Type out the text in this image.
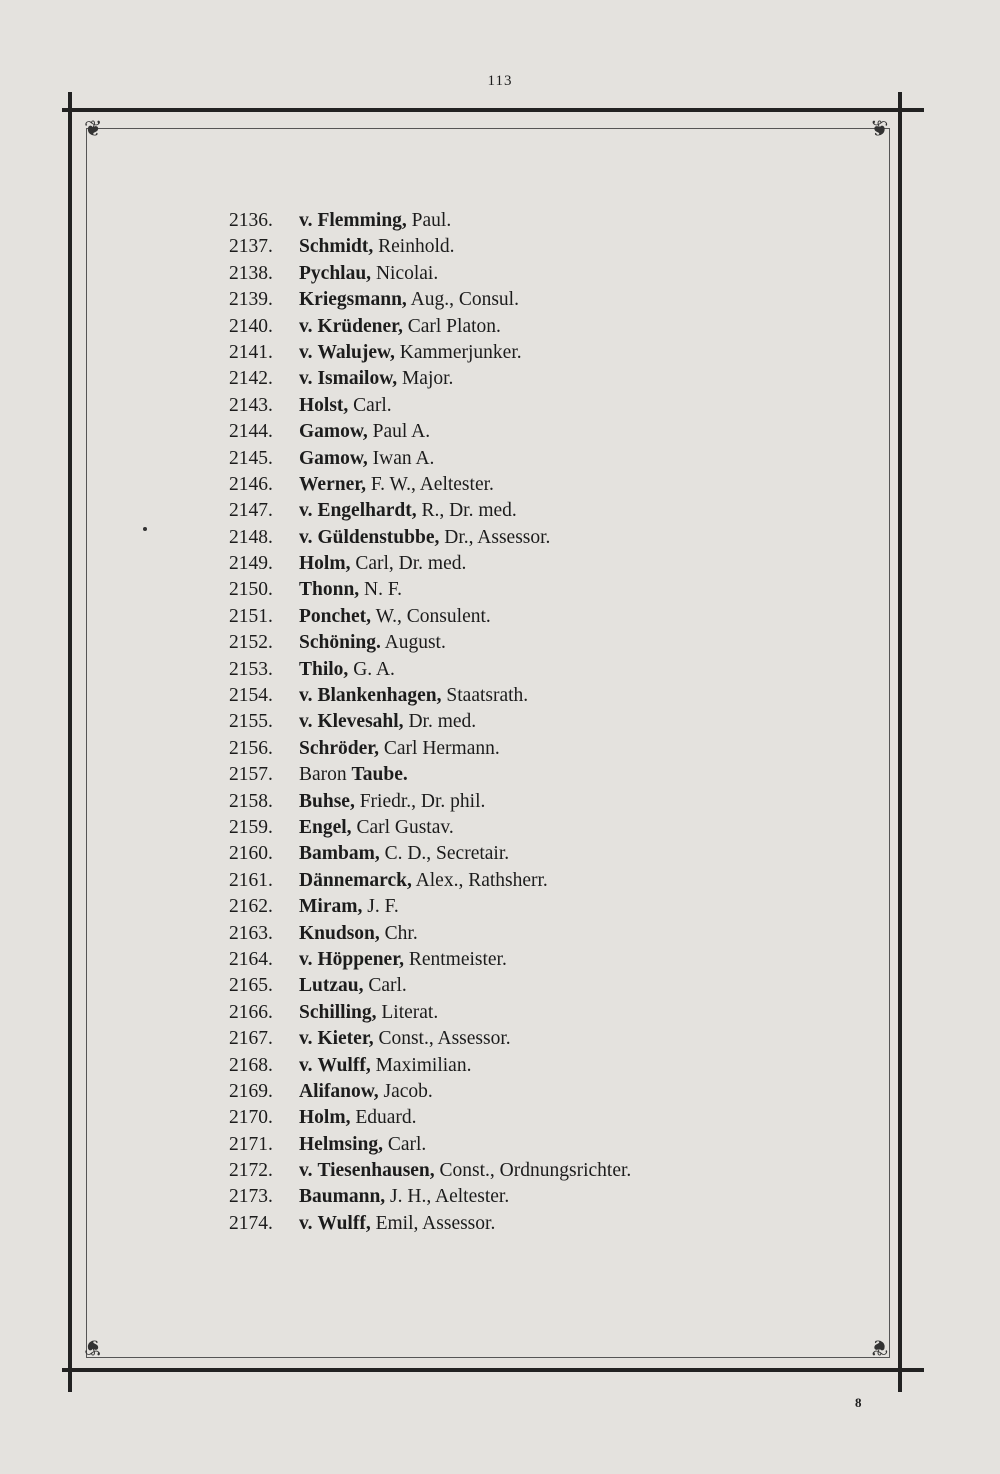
113
❦	❦
❦	❦
2136. v. Flemming, Paul.
2137. Schmidt, Reinhold.
2138. Pychlau, Nicolai.
2139. Kriegsmann, Aug., Consul.
2140. v. Krüdener, Carl Platon.
2141. v. Walujew, Kammerjunker.
2142. v. Ismailow, Major.
2143. Holst, Carl.
2144. Gamow, Paul A.
2145. Gamow, Iwan A.
2146. Werner, F. W., Aeltester.
2147. v. Engelhardt, R., Dr. med.
2148. v. Güldenstubbe, Dr., Assessor.
2149. Holm, Carl, Dr. med.
2150. Thonn, N. F.
2151. Ponchet, W., Consulent.
2152. Schöning. August.
2153. Thilo, G. A.
2154. v. Blankenhagen, Staatsrath.
2155. v. Klevesahl, Dr. med.
2156. Schröder, Carl Hermann.
2157. Baron Taube.
2158. Buhse, Friedr., Dr. phil.
2159. Engel, Carl Gustav.
2160. Bambam, C. D., Secretair.
2161. Dännemarck, Alex., Rathsherr.
2162. Miram, J. F.
2163. Knudson, Chr.
2164. v. Höppener, Rentmeister.
2165. Lutzau, Carl.
2166. Schilling, Literat.
2167. v. Kieter, Const., Assessor.
2168. v. Wulff, Maximilian.
2169. Alifanow, Jacob.
2170. Holm, Eduard.
2171. Helmsing, Carl.
2172. v. Tiesenhausen, Const., Ordnungsrichter.
2173. Baumann, J. H., Aeltester.
2174. v. Wulff, Emil, Assessor.
8
